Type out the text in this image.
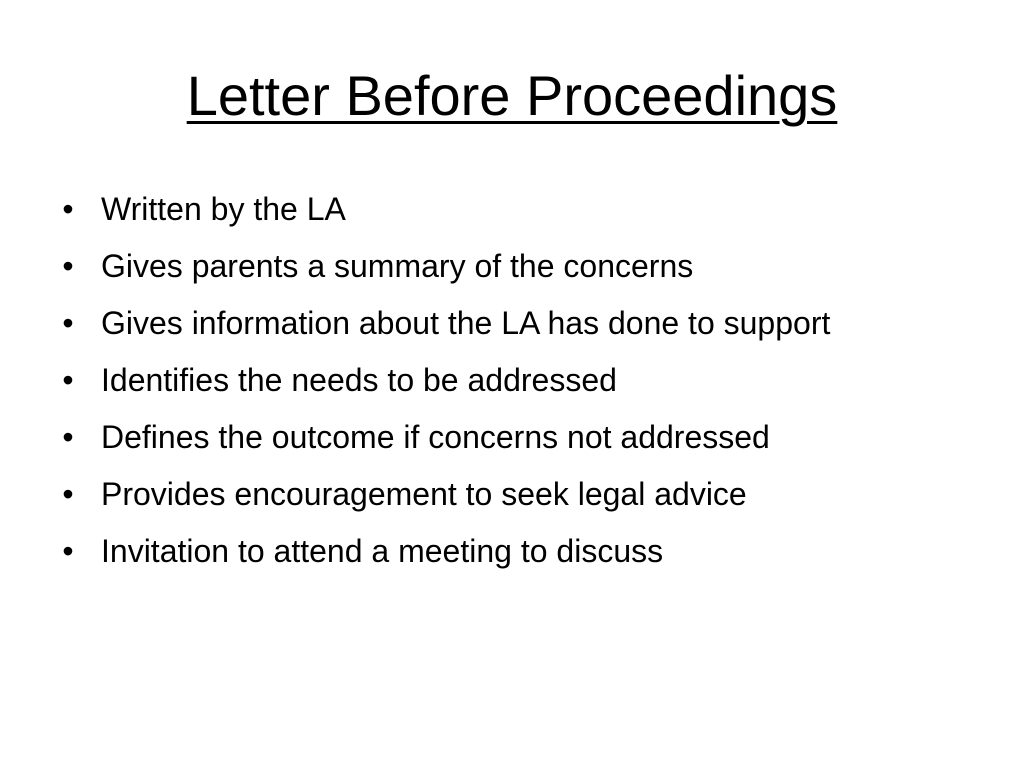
Letter Before Proceedings
• Written by the LA
• Gives parents a summary of the concerns
• Gives information about the LA has done to support
• Identifies the needs to be addressed
• Defines the outcome if concerns not addressed
• Provides encouragement to seek legal advice
• Invitation to attend a meeting to discuss
